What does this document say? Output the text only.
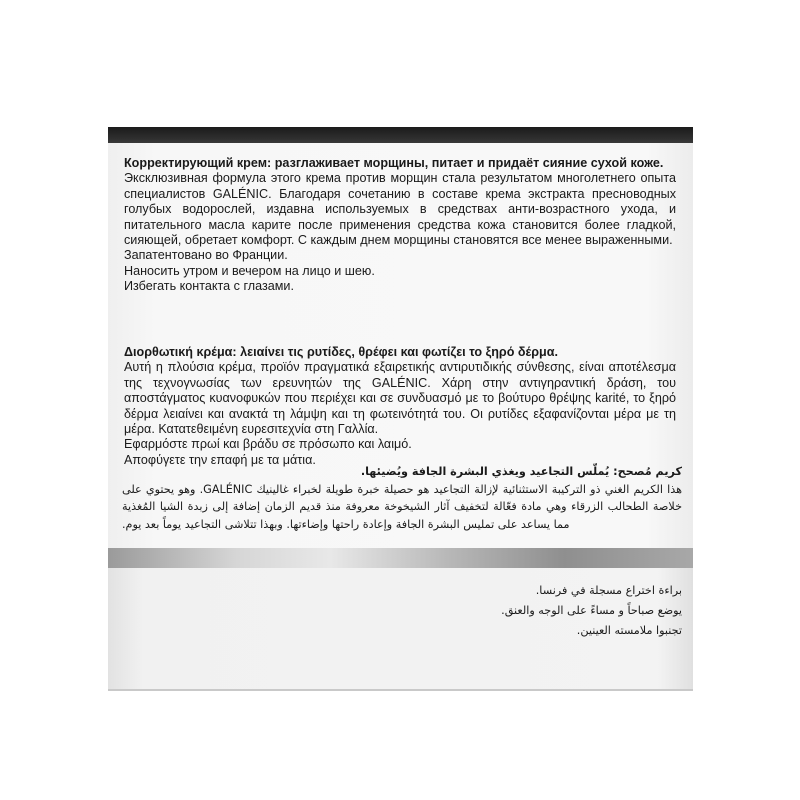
Корректирующий крем: разглаживает морщины, питает и придаёт сияние сухой коже.

Эксклюзивная формула этого крема против морщин стала результатом многолетнего опыта специалистов GALÉNIC. Благодаря сочетанию в составе крема экстракта пресноводных голубых водорослей, издавна используемых в средствах анти-возрастного ухода, и питательного масла карите после применения средства кожа становится более гладкой, сияющей, обретает комфорт. С каждым днем морщины становятся все менее выраженными.

Запатентовано во Франции.

Наносить утром и вечером на лицо и шею.

Избегать контакта с глазами.

Διορθωτική κρέμα: λειαίνει τις ρυτίδες, θρέφει και φωτίζει το ξηρό δέρμα.

Αυτή η πλούσια κρέμα, προϊόν πραγματικά εξαιρετικής αντιρυτιδικής σύνθεσης, είναι αποτέλεσμα της τεχνογνωσίας των ερευνητών της GALÉNIC. Χάρη στην αντιγηραντική δράση, του αποστάγματος κυανοφυκών που περιέχει και σε συνδυασμό με το βούτυρο θρέψης karité, το ξηρό δέρμα λειαίνει και ανακτά τη λάμψη και τη φωτεινότητά του. Οι ρυτίδες εξαφανίζονται μέρα με τη μέρα. Κατατεθειμένη ευρεσιτεχνία στη Γαλλία.

Εφαρμόστε πρωί και βράδυ σε πρόσωπο και λαιμό.

Αποφύγετε την επαφή με τα μάτια.

كريم مُصحح: يُملّس التجاعيد ويغذي البشرة الجافة ويُضيئها.

هذا الكريم الغني ذو التركيبة الاستثنائية لإزالة التجاعيد هو حصيلة خبرة طويلة لخبراء غالينيك GALÉNIC. وهو يحتوي على خلاصة الطحالب الزرقاء وهي مادة فعّالة لتخفيف آثار الشيخوخة معروفة منذ قديم الزمان إضافة إلى زبدة الشيا المُغذية مما يساعد على تمليس البشرة الجافة وإعادة راحتها وإضاءتها. وبهذا تتلاشى التجاعيد يوماً بعد يوم.

براءة اختراع مسجلة في فرنسا.

يوضع صباحاً و مساءً على الوجه والعنق.

تجنبوا ملامسته العينين.
